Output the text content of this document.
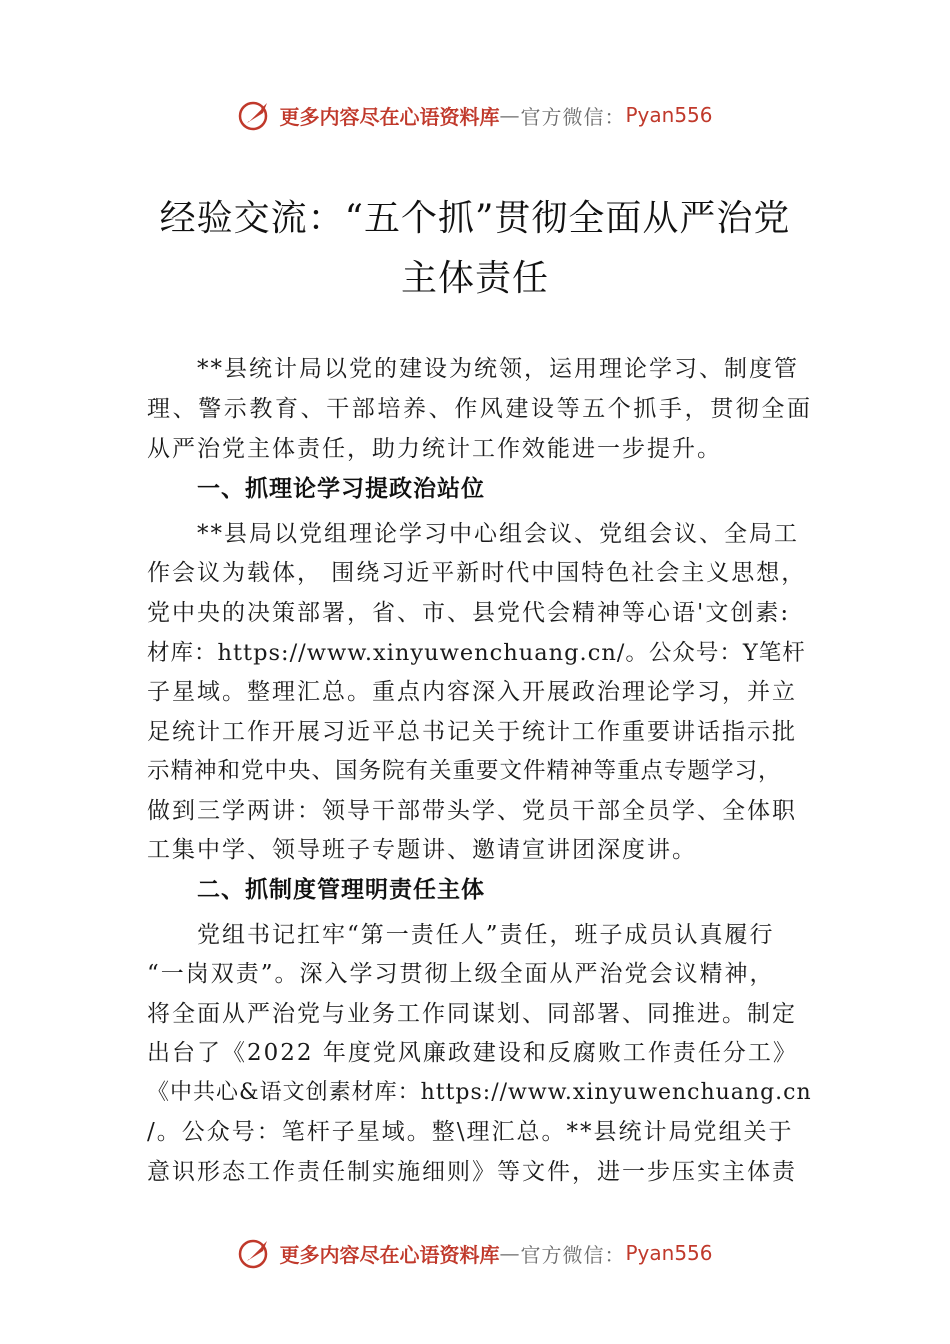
更多内容尽在心语资料库 — 官方微信： Pyan556
经验交流：“五个抓”贯彻全面从严治党
主体责任
**县统计局以党的建设为统领，运用理论学习、制度管
理、警示教育、干部培养、作风建设等五个抓手，贯彻全面
从严治党主体责任，助力统计工作效能进一步提升。
一、抓理论学习提政治站位
**县局以党组理论学习中心组会议、党组会议、全局工
作会议为载体， 围绕习近平新时代中国特色社会主义思想，
党中央的决策部署，省、市、县党代会精神等心语'文创素:
材库：https://www.xinyuwenchuang.cn/。公众号：Y笔杆
子星域。整理汇总。重点内容深入开展政治理论学习，并立
足统计工作开展习近平总书记关于统计工作重要讲话指示批
示精神和党中央、国务院有关重要文件精神等重点专题学习，
做到三学两讲：领导干部带头学、党员干部全员学、全体职
工集中学、领导班子专题讲、邀请宣讲团深度讲。
二、抓制度管理明责任主体
党组书记扛牢“第一责任人”责任，班子成员认真履行
“一岗双责”。深入学习贯彻上级全面从严治党会议精神，
将全面从严治党与业务工作同谋划、同部署、同推进。制定
出台了《2022 年度党风廉政建设和反腐败工作责任分工》
《中共心&语文创素材库：https://www.xinyuwenchuang.cn
/。公众号：笔杆子星域。整\理汇总。**县统计局党组关于
意识形态工作责任制实施细则》等文件，进一步压实主体责
更多内容尽在心语资料库 — 官方微信： Pyan556
